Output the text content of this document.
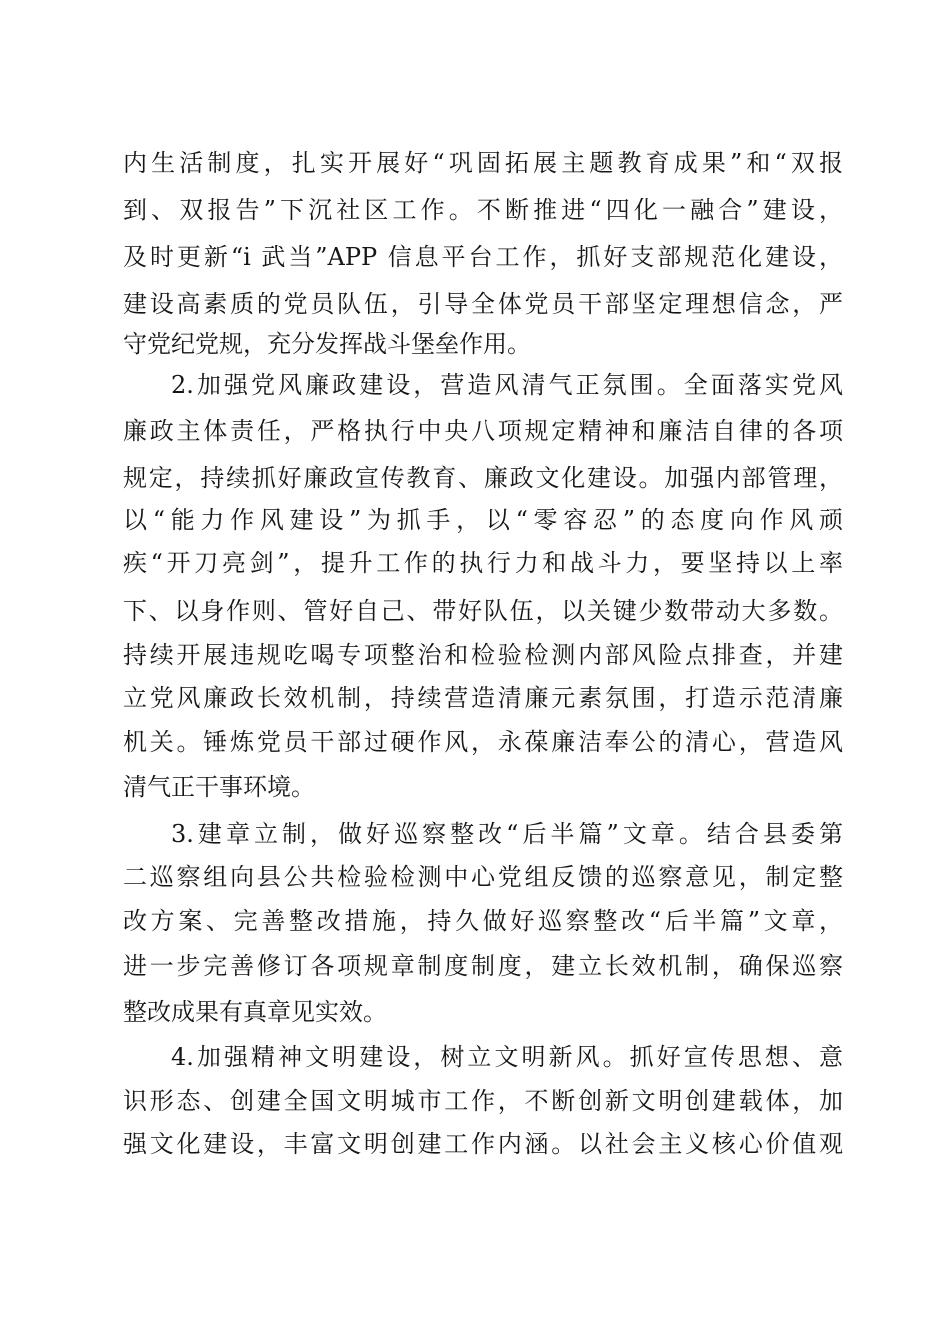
内生活制度，扎实开展好“巩固拓展主题教育成果”和“双报
到、双报告”下沉社区工作。不断推进“四化一融合”建设，
及时更新“i 武当”APP 信息平台工作，抓好支部规范化建设，
建设高素质的党员队伍，引导全体党员干部坚定理想信念，严
守党纪党规，充分发挥战斗堡垒作用。
2.加强党风廉政建设，营造风清气正氛围。全面落实党风
廉政主体责任，严格执行中央八项规定精神和廉洁自律的各项
规定，持续抓好廉政宣传教育、廉政文化建设。加强内部管理，
以“能力作风建设”为抓手，以“零容忍”的态度向作风顽
疾“开刀亮剑”，提升工作的执行力和战斗力，要坚持以上率
下、以身作则、管好自己、带好队伍，以关键少数带动大多数。
持续开展违规吃喝专项整治和检验检测内部风险点排查，并建
立党风廉政长效机制，持续营造清廉元素氛围，打造示范清廉
机关。锤炼党员干部过硬作风，永葆廉洁奉公的清心，营造风
清气正干事环境。
3.建章立制，做好巡察整改“后半篇”文章。结合县委第
二巡察组向县公共检验检测中心党组反馈的巡察意见，制定整
改方案、完善整改措施，持久做好巡察整改“后半篇”文章，
进一步完善修订各项规章制度制度，建立长效机制，确保巡察
整改成果有真章见实效。
4.加强精神文明建设，树立文明新风。抓好宣传思想、意
识形态、创建全国文明城市工作，不断创新文明创建载体，加
强文化建设，丰富文明创建工作内涵。以社会主义核心价值观
